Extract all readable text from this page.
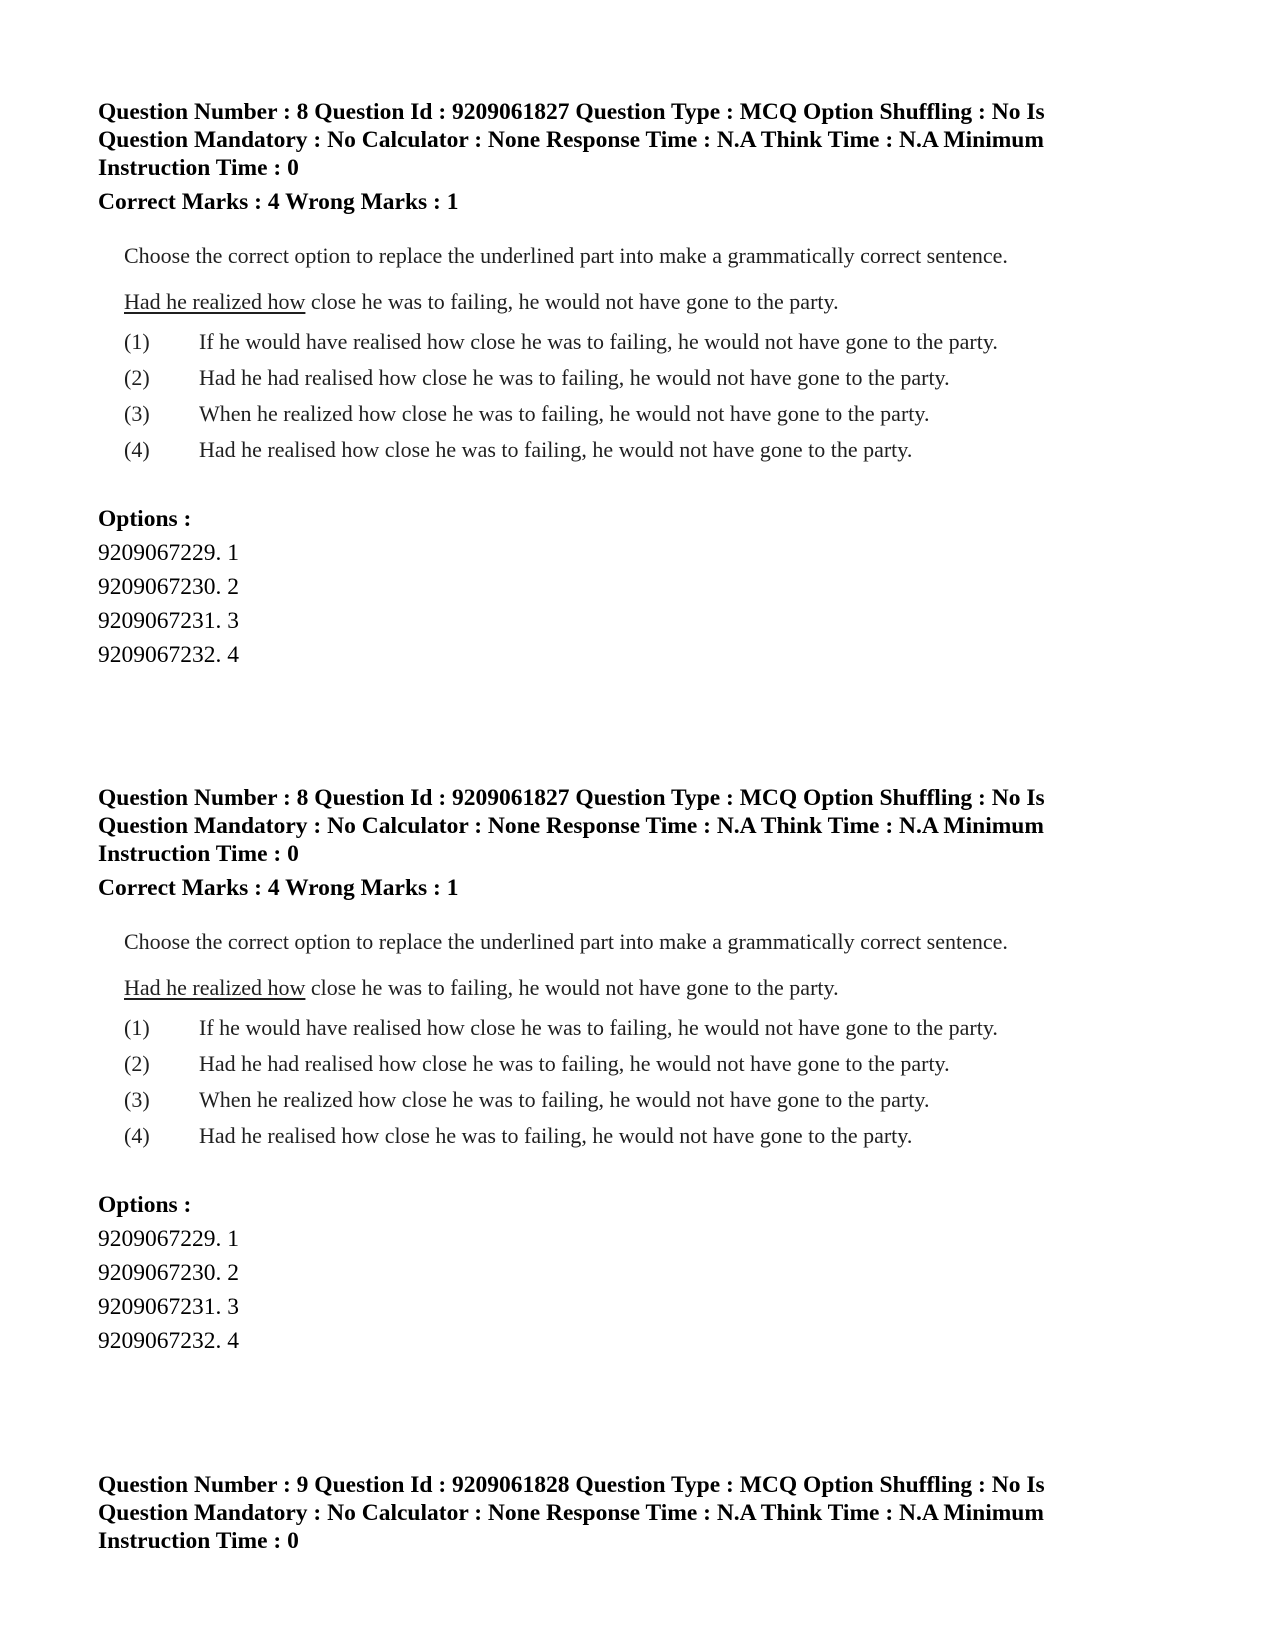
Question Number : 8 Question Id : 9209061827 Question Type : MCQ Option Shuffling : No Is Question Mandatory : No Calculator : None Response Time : N.A Think Time : N.A Minimum Instruction Time : 0
Correct Marks : 4 Wrong Marks : 1
Choose the correct option to replace the underlined part into make a grammatically correct sentence.
Had he realized how close he was to failing, he would not have gone to the party.
(1)	If he would have realised how close he was to failing, he would not have gone to the party.
(2)	Had he had realised how close he was to failing, he would not have gone to the party.
(3)	When he realized how close he was to failing, he would not have gone to the party.
(4)	Had he realised how close he was to failing, he would not have gone to the party.
Options :
9209067229. 1
9209067230. 2
9209067231. 3
9209067232. 4
Question Number : 8 Question Id : 9209061827 Question Type : MCQ Option Shuffling : No Is Question Mandatory : No Calculator : None Response Time : N.A Think Time : N.A Minimum Instruction Time : 0
Correct Marks : 4 Wrong Marks : 1
Choose the correct option to replace the underlined part into make a grammatically correct sentence.
Had he realized how close he was to failing, he would not have gone to the party.
(1)	If he would have realised how close he was to failing, he would not have gone to the party.
(2)	Had he had realised how close he was to failing, he would not have gone to the party.
(3)	When he realized how close he was to failing, he would not have gone to the party.
(4)	Had he realised how close he was to failing, he would not have gone to the party.
Options :
9209067229. 1
9209067230. 2
9209067231. 3
9209067232. 4
Question Number : 9 Question Id : 9209061828 Question Type : MCQ Option Shuffling : No Is Question Mandatory : No Calculator : None Response Time : N.A Think Time : N.A Minimum Instruction Time : 0
